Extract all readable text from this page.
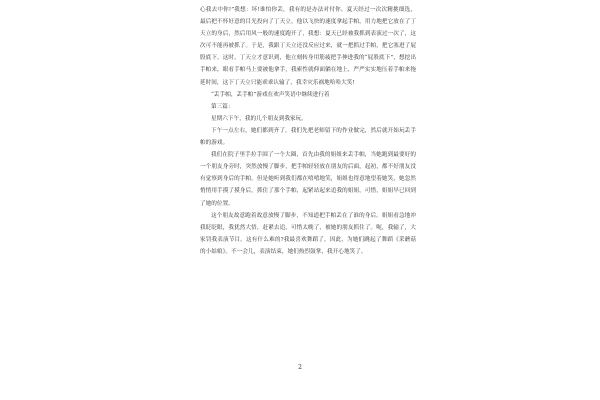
心我去中你!”我想：坏!谁怕你丢，我有的是办法对付你。夏天经过一次次精挑细选，最后把不怀好意的目光投向了丁天立。他以飞快的速度拿起手帕，用力地把它放在了丁天立的身后，然后用风一般的速度跑开了，我想：夏天已经被我抓到表演过一次了，这次可不能再被抓了。于是，我跟丁天立还没反应过来，就一把抓过手帕，把它塞进了屁股底下。这时，丁天立才意识到，他立刻转身用筋疲把手伸进我的“屁股底下”，想挖出手帕来，眼看手帕马上要被他拿手，我索性就仰面躺在地上，严严实实地压着手帕来拖延时间，这下丁天立只能乖乖认输了，我幸灾乐祸地哈哈大笑!

“丢手帕，丢手帕”游戏在欢声笑语中继续进行着

第三篇：

星期六下午，我的几个朋友到我家玩。

下午一点左右，她们都到齐了，我们先把老师留下的作业做完，然后就开始玩丢手帕的游戏。

我们在院子里手拉手围了一个大圈，首先由我的姐姐来丢手帕，当她跑到最要好的一个朋友身旁时，突然放慢了脚步，把手帕轻轻放在朋友的后面，起初，都不好朋友没有觉察到身后的手帕，但是她听到我们都在嘻嘻地笑，姐姐也得意地望着她笑，她忽然悄悄用手摸了摸身后，抓住了那个手帕，起紧站起来追我的姐姐，可惜，姐姐早已回到了她的位置。

这个朋友故意跑着故意放慢了脚步，不知道把手帕丢在了谁的身后。姐姐看急地冲我眨眨眼，我犹然大悟，赶紧去追，可惜太晚了，被她的朋友抓住了。呃，我输了，大家罚我表演节目。这有什么难的?我最喜欢舞蹈了，因此，为她们跳起了舞蹈《采蘑菇的小姑娘》。不一会儿，表演结束，她们热烈鼓掌，我开心地笑了。

2
